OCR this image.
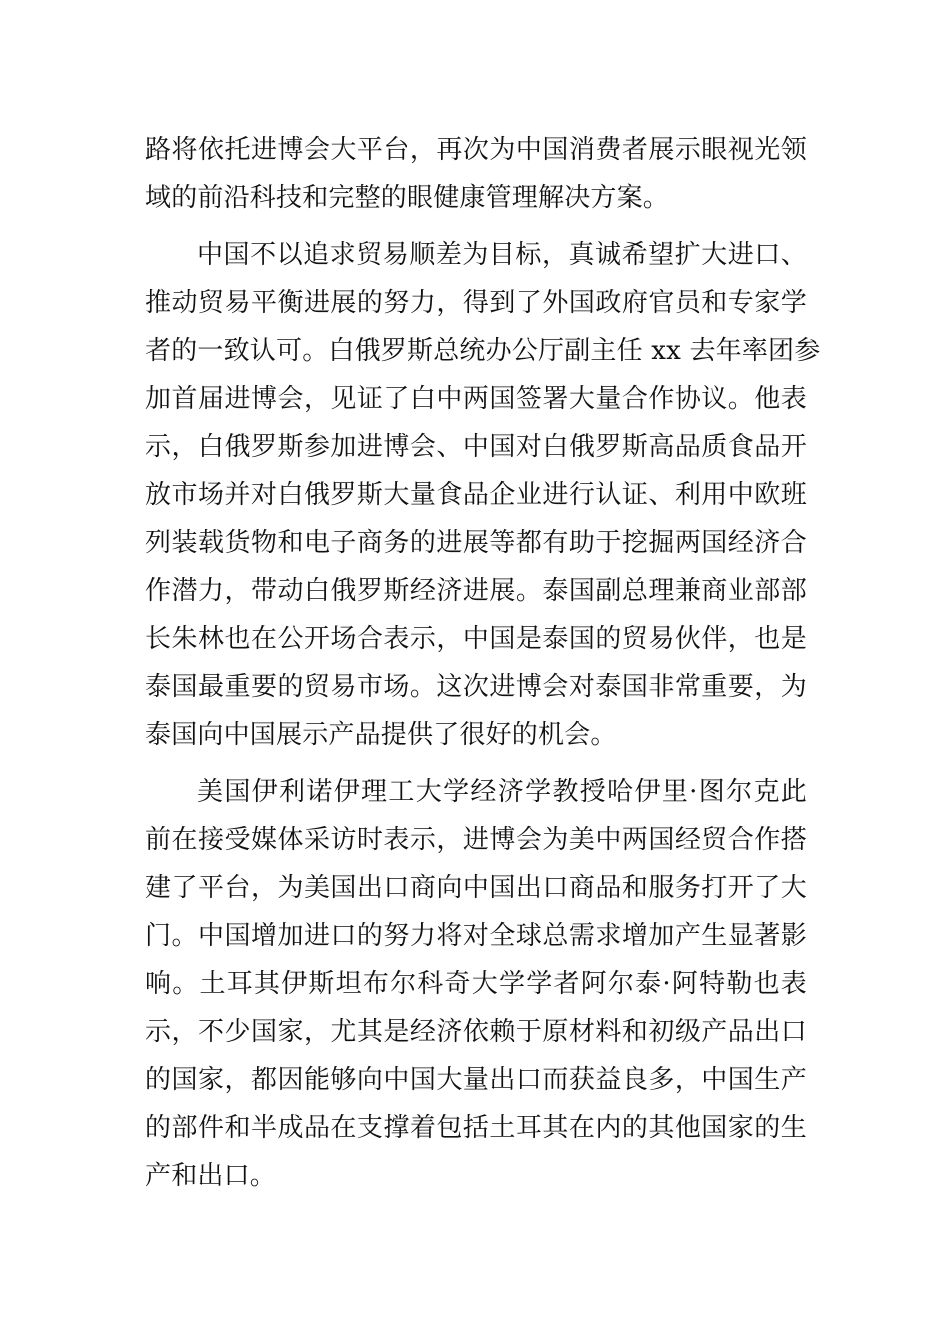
路将依托进博会大平台，再次为中国消费者展示眼视光领
域的前沿科技和完整的眼健康管理解决方案。
中国不以追求贸易顺差为目标，真诚希望扩大进口、
推动贸易平衡进展的努力，得到了外国政府官员和专家学
者的一致认可。白俄罗斯总统办公厅副主任 xx 去年率团参
加首届进博会，见证了白中两国签署大量合作协议。他表
示，白俄罗斯参加进博会、中国对白俄罗斯高品质食品开
放市场并对白俄罗斯大量食品企业进行认证、利用中欧班
列装载货物和电子商务的进展等都有助于挖掘两国经济合
作潜力，带动白俄罗斯经济进展。泰国副总理兼商业部部
长朱林也在公开场合表示，中国是泰国的贸易伙伴，也是
泰国最重要的贸易市场。这次进博会对泰国非常重要，为
泰国向中国展示产品提供了很好的机会。
美国伊利诺伊理工大学经济学教授哈伊里·图尔克此
前在接受媒体采访时表示，进博会为美中两国经贸合作搭
建了平台，为美国出口商向中国出口商品和服务打开了大
门。中国增加进口的努力将对全球总需求增加产生显著影
响。土耳其伊斯坦布尔科奇大学学者阿尔泰·阿特勒也表
示，不少国家，尤其是经济依赖于原材料和初级产品出口
的国家，都因能够向中国大量出口而获益良多，中国生产
的部件和半成品在支撑着包括土耳其在内的其他国家的生
产和出口。
